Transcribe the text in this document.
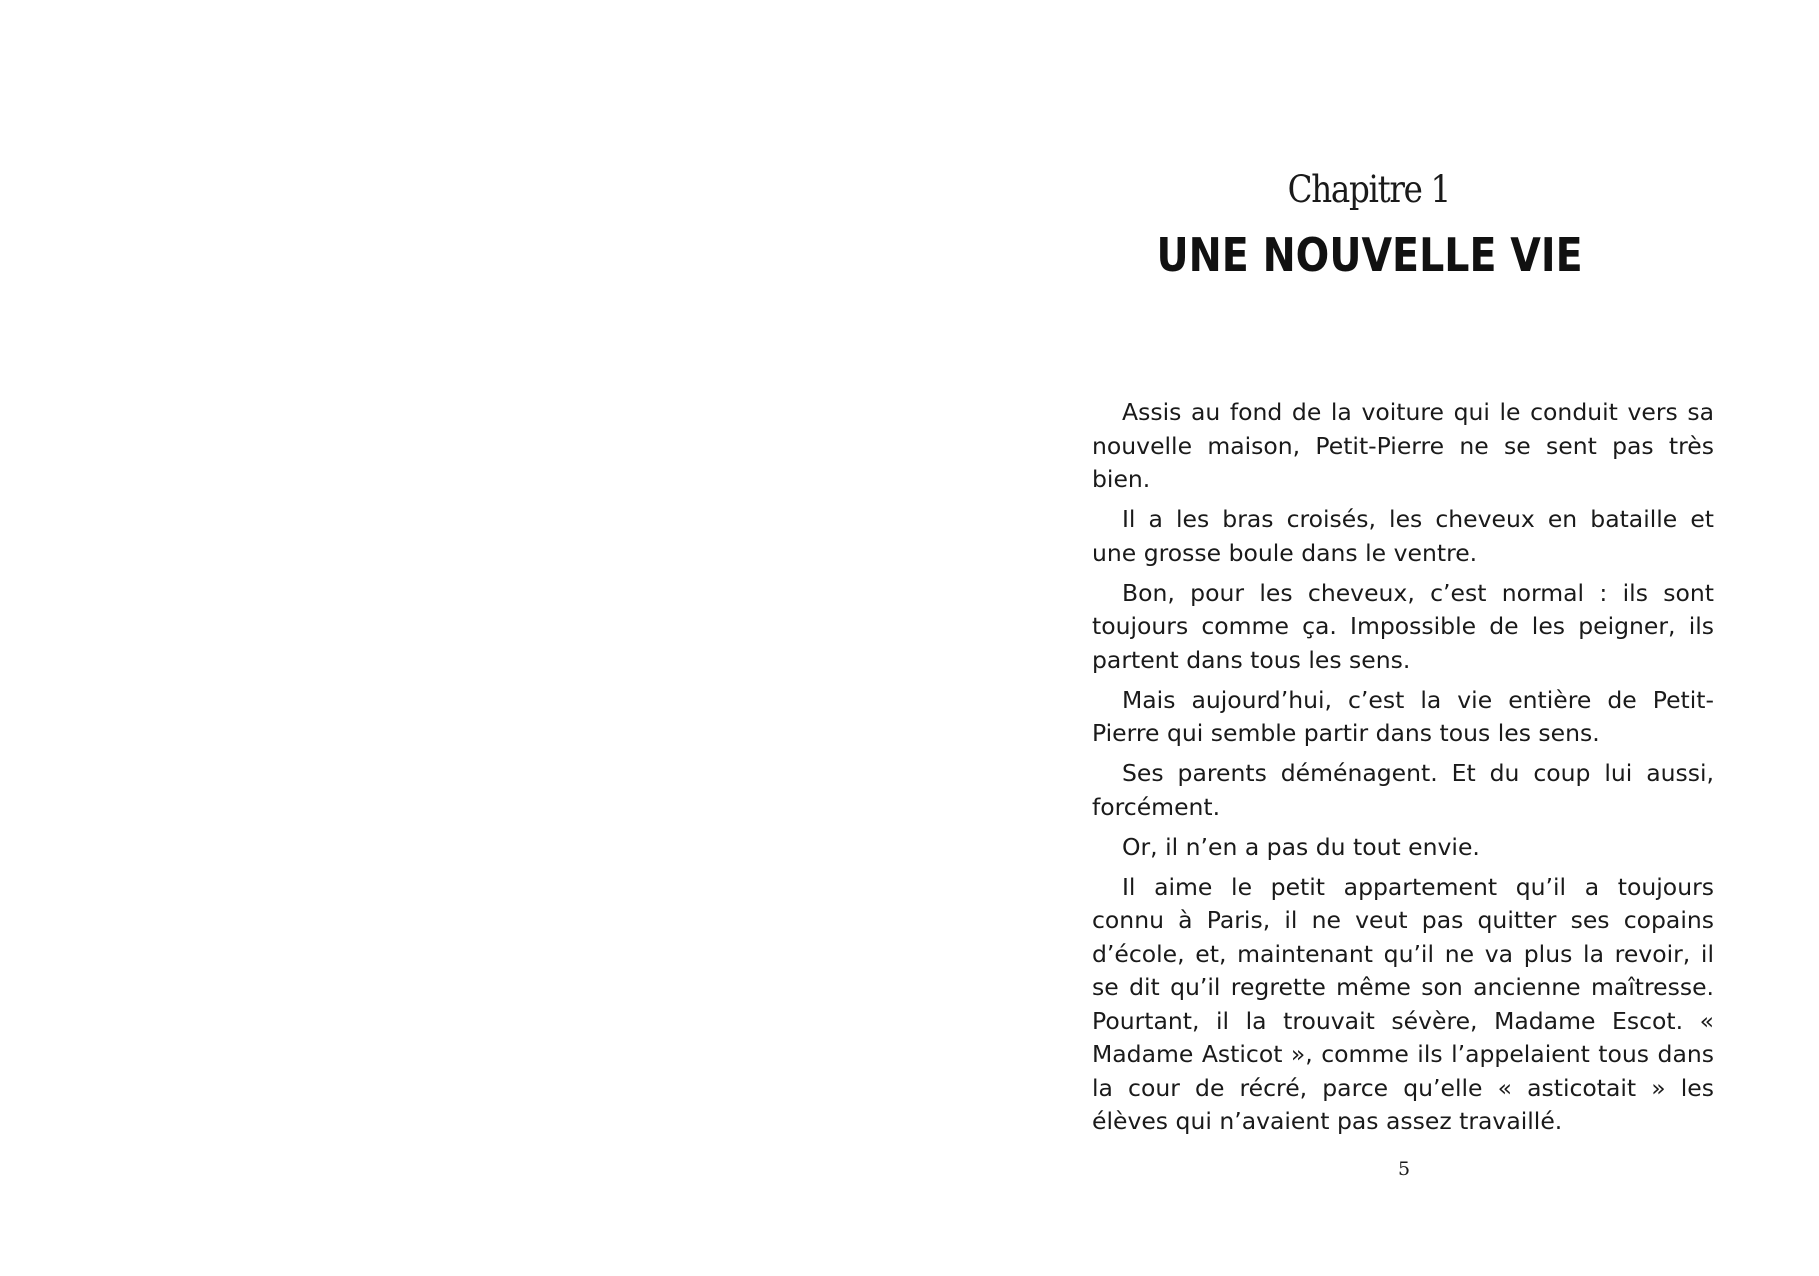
Chapitre 1
UNE NOUVELLE VIE

Assis au fond de la voiture qui le conduit vers sa nouvelle maison, Petit-Pierre ne se sent pas très bien.

Il a les bras croisés, les cheveux en bataille et une grosse boule dans le ventre.

Bon, pour les cheveux, c’est normal : ils sont toujours comme ça. Impossible de les peigner, ils partent dans tous les sens.

Mais aujourd’hui, c’est la vie entière de Petit-Pierre qui semble partir dans tous les sens.

Ses parents déménagent. Et du coup lui aussi, forcément.

Or, il n’en a pas du tout envie.

Il aime le petit appartement qu’il a toujours connu à Paris, il ne veut pas quitter ses copains d’école, et, maintenant qu’il ne va plus la revoir, il se dit qu’il regrette même son ancienne maîtresse. Pourtant, il la trouvait sévère, Madame Escot. « Madame Asticot », comme ils l’appelaient tous dans la cour de récré, parce qu’elle « asticotait » les élèves qui n’avaient pas assez travaillé.

5
